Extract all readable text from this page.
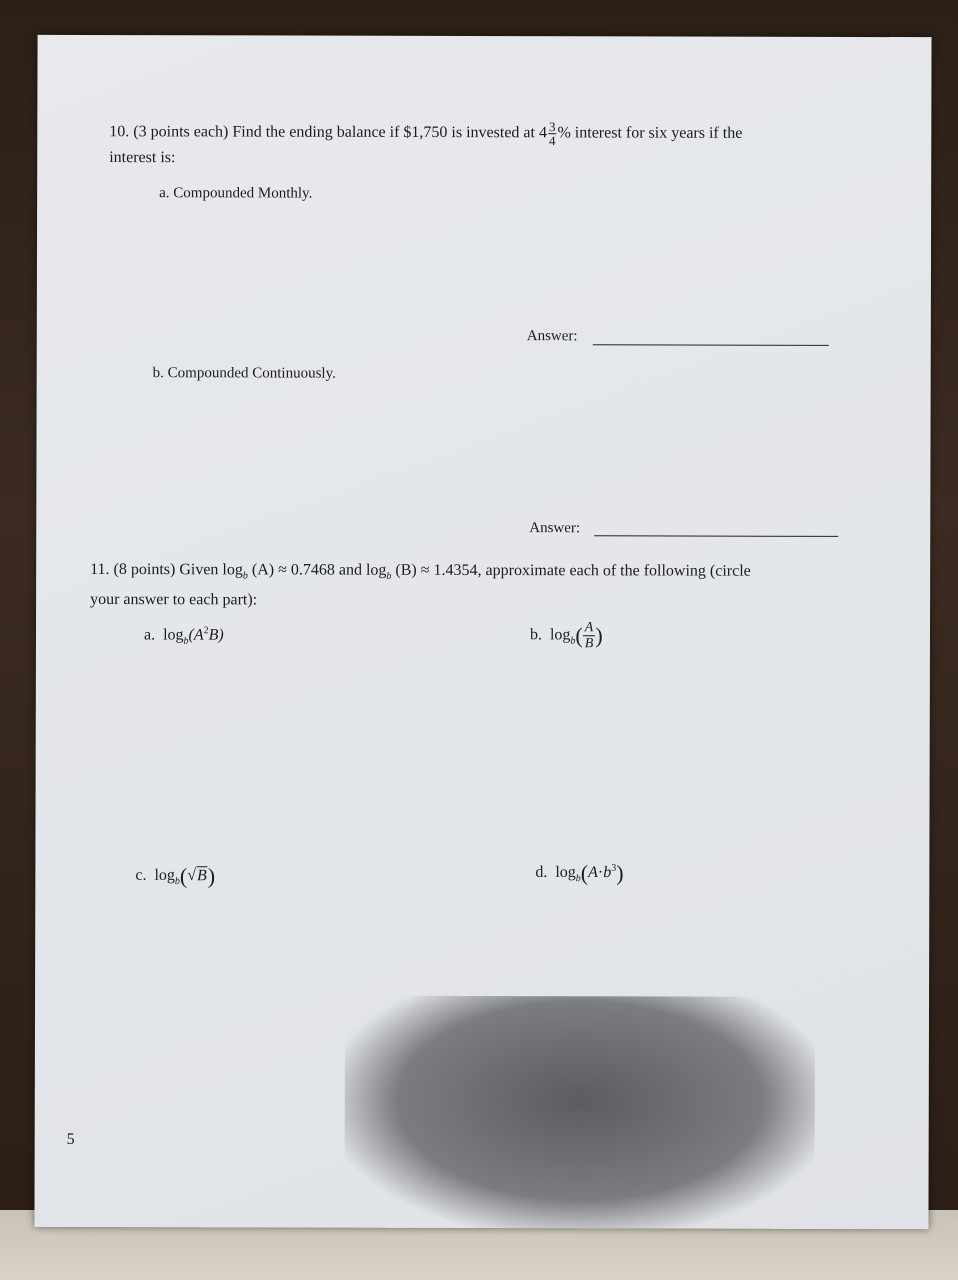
10. (3 points each) Find the ending balance if $1,750 is invested at $4 \frac{3}{4}$ % interest for six years if the
interest is:
a. Compounded Monthly.
Answer:
b. Compounded Continuously.
Answer:
11. (8 points) Given $\log_b (A) \approx 0.7468$ and $\log_b (B) \approx 1.4354$, approximate each of the following (circle
your answer to each part):
a. $\log_b(A^2B)$	b. $\log_b( \frac{A}{B}$ )
c. $\log_b(√B)$	d. $\log_b(A\cdot b^3)$
5
